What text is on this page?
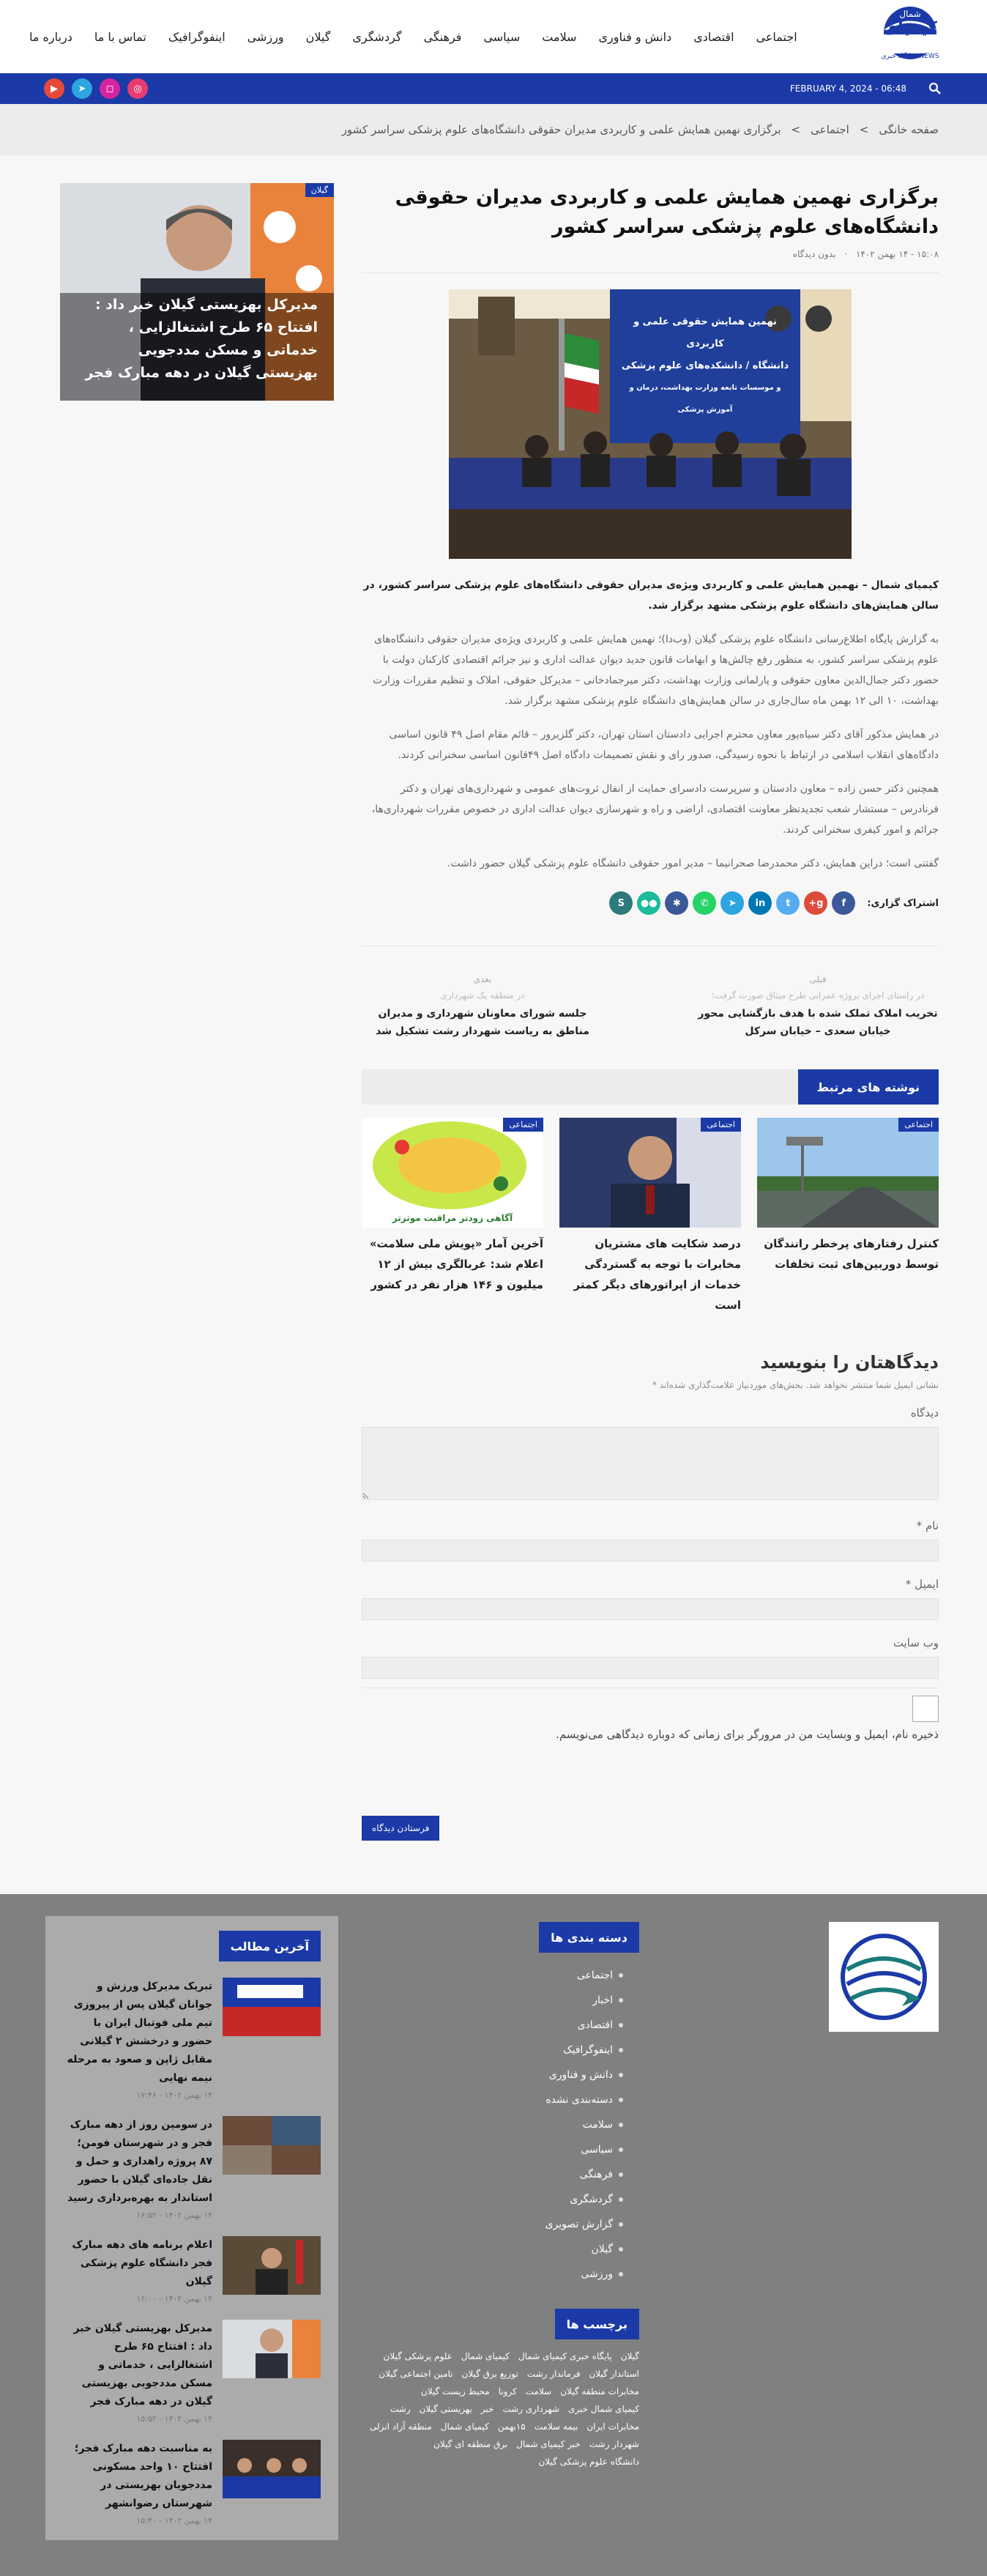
کیمیای
شمال
NEWS · پایگاه خبری
اجتماعی
اقتصادی
دانش و فناوری
سلامت
سیاسی
فرهنگی
گردشگری
گیلان
ورزشی
اینفوگرافیک
تماس با ما
درباره ما
FEBRUARY 4, 2024 - 06:48
◎
◻
➤
▶
صفحه خانگی
>
اجتماعی
>
برگزاری نهمین همایش علمی و کاربردی مدیران حقوقی دانشگاه‌های علوم پزشکی سراسر کشور
برگزاری نهمین همایش علمی و کاربردی مدیران حقوقی دانشگاه‌های علوم پزشکی سراسر کشور
۱۵:۰۸ - ۱۴ بهمن ۱۴۰۲ · بدون دیدگاه
نهمین همایش حقوقی علمی و کاربردی
دانشگاه / دانشکده‌های علوم پزشکی
و موسسات تابعه وزارت بهداشت، درمان و آموزش پزشکی

کیمیای شمال – نهمین همایش علمی و کاربردی ویژه‌ی مدیران حقوقی دانشگاه‌های علوم پزشکی سراسر کشور، در سالن همایش‌های دانشگاه علوم پزشکی مشهد برگزار شد.

به گزارش پایگاه اطلاع‌رسانی دانشگاه علوم پزشکی گیلان (وب‌دا)؛ نهمین همایش علمی و کاربردی ویژه‌ی مدیران حقوقی دانشگاه‌های علوم پزشکی سراسر کشور، به منظور رفع چالش‌ها و ابهامات قانون جدید دیوان عدالت اداری و نیز جرائم اقتصادی کارکنان دولت با حضور دکتر جمال‌الدین معاون حقوقی و پارلمانی وزارت بهداشت، دکتر میرجمادخانی – مدیرکل حقوقی، املاک و تنظیم مقررات وزارت بهداشت، ۱۰ الی ۱۲ بهمن ماه سال‌جاری در سالن همایش‌های دانشگاه علوم پزشکی مشهد برگزار شد.

در همایش مذکور آقای دکتر سیاه‌پور معاون محترم اجرایی دادستان استان تهران، دکتر گلزیرور – قائم مقام اصل ۴۹ قانون اساسی دادگاه‌های انقلاب اسلامی در ارتباط با نحوه رسیدگی، صدور رای و نقش تصمیمات دادگاه اصل ۴۹قانون اساسی سخنرانی کردند.

همچنین دکتر حسن زاده – معاون دادستان و سرپرست دادسرای حمایت از انفال ثروت‌های عمومی و شهرداری‌های تهران و دکتر فرنادرس – مستشار شعب تجدیدنظر معاونت اقتصادی، اراضی و راه و شهرسازی دیوان عدالت اداری در خصوص مقررات شهرداری‌ها، جرائم و امور کیفری سخنرانی کردند.

گفتنی است؛ دراین همایش، دکتر محمدرضا صحرانیما – مدیر امور حقوقی دانشگاه علوم پزشکی گیلان حضور داشت.

اشتراک گزاری:
f
g+
t
in
➤
✆
✱
●●
S
قبلی
در راستای اجرای پروژه عمرانی طرح میثاق صورت گرفت؛
تخریب املاک تملک شده با هدف بازگشایی محور خیابان سعدی – خیابان سرکل
بعدی
در منطقه یک شهرداری
جلسه شورای معاونان شهرداری و مدیران مناطق به ریاست شهردار رشت تشکیل شد
نوشته های مرتبط
اجتماعی
کنترل رفتارهای پرخطر رانندگان توسط دوربین‌های ثبت تخلفات
اجتماعی
درصد شکایت های مشتریان مخابرات با توجه به گستردگی خدمات از اپراتورهای دیگر کمتر است
اجتماعی
آگاهی زودتر مراقبت موثرتر
آخرین آمار «پویش ملی سلامت» اعلام شد: غربالگری بیش از ۱۲ میلیون و ۱۴۶ هزار نفر در کشور
دیدگاهتان را بنویسید
نشانی ایمیل شما منتشر نخواهد شد. بخش‌های موردنیاز علامت‌گذاری شده‌اند *
دیدگاه
نام *
ایمیل *
وب سایت
ذخیره نام، ایمیل و وبسایت من در مرورگر برای زمانی که دوباره دیدگاهی می‌نویسم.
فرستادن دیدگاه
گیلان
مدیرکل بهزیستی گیلان خبر داد : افتتاح ۶۵ طرح اشتغالزایی ، خدماتی و مسکن مددجویی بهزیستی گیلان در دهه مبارک فجر
دسته بندی ها
اجتماعی
اخبار
اقتصادی
اینفوگرافیک
دانش و فناوری
دسته‌بندی نشده
سلامت
سیاسی
فرهنگی
گردشگری
گزارش تصویری
گیلان
ورزشی
برچسب ها
گیلان
پایگاه خبری کیمیای شمال
کیمیای شمال
علوم پزشکی گیلان
استاندار گیلان
فرماندار رشت
توزیع برق گیلان
تامین اجتماعی گیلان
مخابرات منطقه گیلان
سلامت
کرونا
محیط زیست گیلان
کیمیای شمال خبری
شهرداری رشت
خبر
بهزیستی گیلان
رشت
مخابرات ایران
بیمه سلامت
۱۵بهمن
کیمیای شمال
منطقه آزاد انزلی
شهردار رشت
خبر کیمیای شمال
برق منطقه ای گیلان
دانشگاه علوم پزشکی گیلان
آخرین مطالب
تبریک مدیرکل ورزش و جوانان گیلان پس از پیروزی تیم ملی فوتبال ایران با حضور و درخشش ۲ گیلانی مقابل ژاپن و صعود به مرحله نیمه نهایی
۱۴ بهمن ۱۴۰۲ - ۱۷:۴۶
در سومین روز از دهه مبارک فجر و در شهرستان فومن؛ ۸۷ پروژه راهداری و حمل و نقل جاده‌ای گیلان با حضور استاندار به بهره‌برداری رسید
۱۴ بهمن ۱۴۰۲ - ۱۶:۵۲
اعلام برنامه های دهه مبارک فجر دانشگاه علوم پزشکی گیلان
۱۴ بهمن ۱۴۰۲ - ۱۶:۰۰
مدیرکل بهزیستی گیلان خبر داد : افتتاح ۶۵ طرح اشتغالزایی ، خدماتی و مسکن مددجویی بهزیستی گیلان در دهه مبارک فجر
۱۴ بهمن ۱۴۰۲ - ۱۵:۵۲
به مناسبت دهه مبارک فجر؛ افتتاح ۱۰ واحد مسکونی مددجویان بهزیستی در شهرستان رضوانشهر
۱۴ بهمن ۱۴۰۲ - ۱۵:۴۰
